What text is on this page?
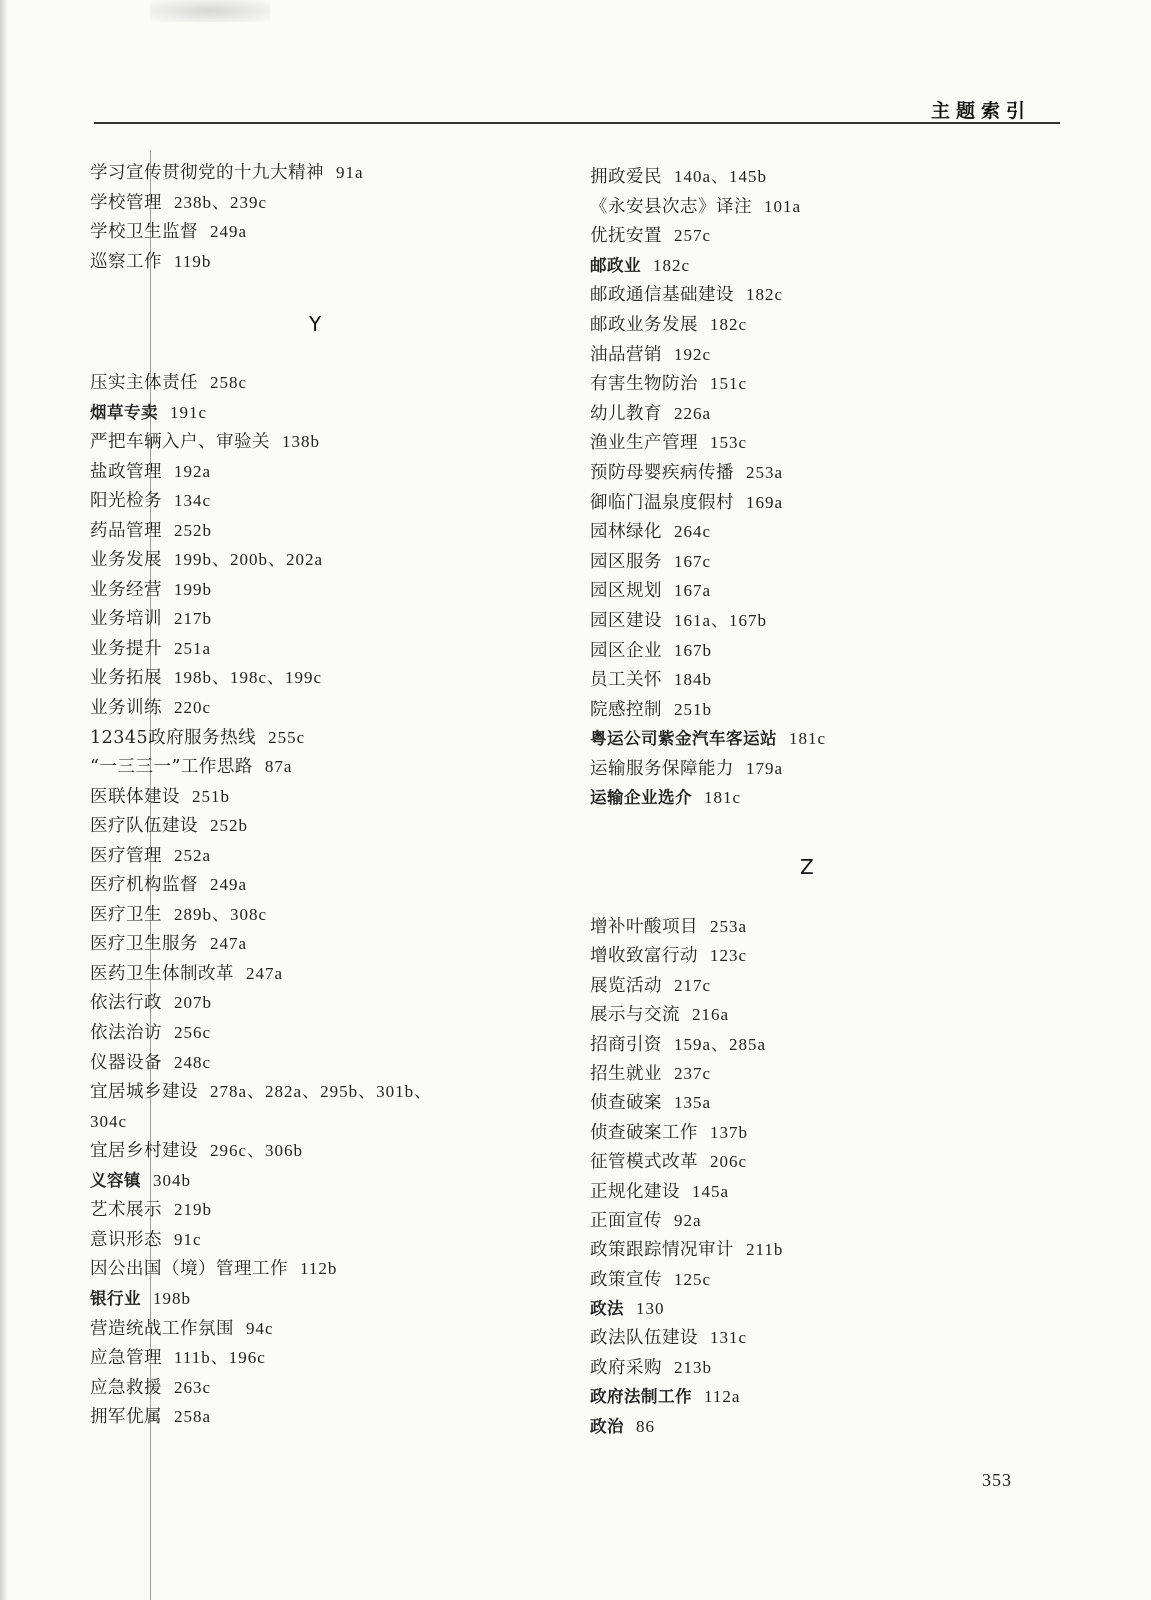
主题索引
学习宣传贯彻党的十九大精神 91a
学校管理 238b、239c
学校卫生监督 249a
巡察工作 119b
Y
压实主体责任 258c
烟草专卖 191c
严把车辆入户、审验关 138b
盐政管理 192a
阳光检务 134c
药品管理 252b
业务发展 199b、200b、202a
业务经营 199b
业务培训 217b
业务提升 251a
业务拓展 198b、198c、199c
业务训练 220c
12345政府服务热线 255c
“一三三一”工作思路 87a
医联体建设 251b
医疗队伍建设 252b
医疗管理 252a
医疗机构监督 249a
医疗卫生 289b、308c
医疗卫生服务 247a
医药卫生体制改革 247a
依法行政 207b
依法治访 256c
仪器设备 248c
宜居城乡建设 278a、282a、295b、301b、
304c
宜居乡村建设 296c、306b
义容镇 304b
艺术展示 219b
意识形态 91c
因公出国（境）管理工作 112b
银行业 198b
营造统战工作氛围 94c
应急管理 111b、196c
应急救援 263c
拥军优属 258a
拥政爱民 140a、145b
《永安县次志》译注 101a
优抚安置 257c
邮政业 182c
邮政通信基础建设 182c
邮政业务发展 182c
油品营销 192c
有害生物防治 151c
幼儿教育 226a
渔业生产管理 153c
预防母婴疾病传播 253a
御临门温泉度假村 169a
园林绿化 264c
园区服务 167c
园区规划 167a
园区建设 161a、167b
园区企业 167b
员工关怀 184b
院感控制 251b
粤运公司紫金汽车客运站 181c
运输服务保障能力 179a
运输企业选介 181c
Z
增补叶酸项目 253a
增收致富行动 123c
展览活动 217c
展示与交流 216a
招商引资 159a、285a
招生就业 237c
侦查破案 135a
侦查破案工作 137b
征管模式改革 206c
正规化建设 145a
正面宣传 92a
政策跟踪情况审计 211b
政策宣传 125c
政法 130
政法队伍建设 131c
政府采购 213b
政府法制工作 112a
政治 86
353
